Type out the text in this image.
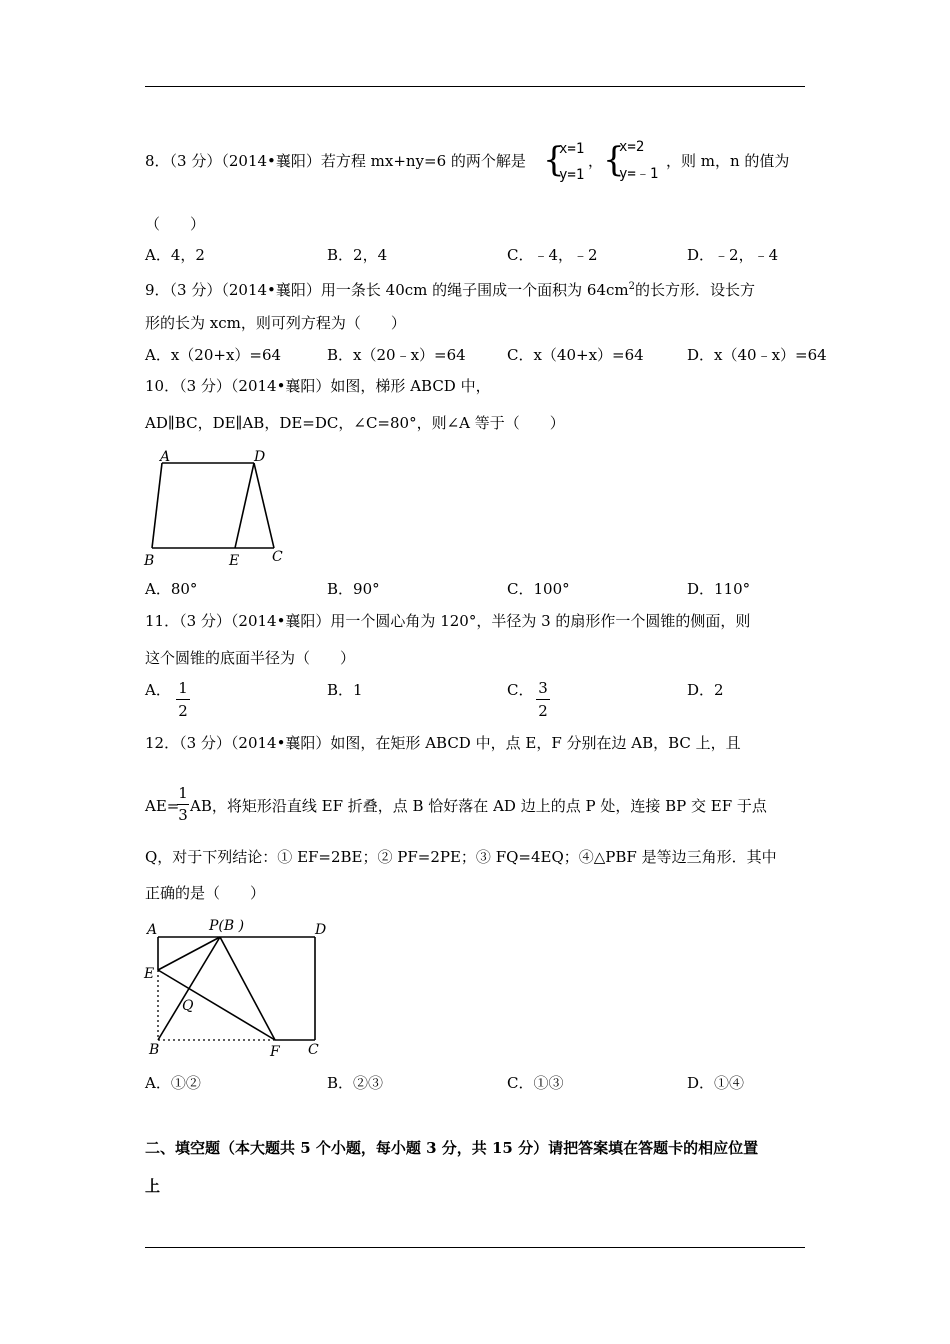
8．（3 分）（2014•襄阳）若方程 mx+ny=6 的两个解是 {
x=1
y=1
， {
x=2
y=﹣1
，则 m，n 的值为
（　　）
A．4，2	B．2，4	C．﹣4，﹣2	D．﹣2，﹣4
9．（3 分）（2014•襄阳）用一条长 40cm 的绳子围成一个面积为 $64cm^2$的长方形．设长方
形的长为 xcm，则可列方程为（　　）
A．x（20+x）=64	B．x（20﹣x）=64	C．x（40+x）=64	D．x（40﹣x）=64
10．（3 分）（2014•襄阳）如图，梯形 ABCD 中，
AD∥BC，DE∥AB，DE=DC，∠C=80°，则∠A 等于（　　）
A	D
B	E C
A．80°	B．90°	C．100°	D．110°
11．（3 分）（2014•襄阳）用一个圆心角为 120°，半径为 3 的扇形作一个圆锥的侧面，则
这个圆锥的底面半径为（　　）
A． 1
2
B．1	C． 3
2
D．2
12．（3 分）（2014•襄阳）如图，在矩形 ABCD 中，点 E，F 分别在边 AB，BC 上，且
AE=
1
3 AB，将矩形沿直线 EF 折叠，点 B 恰好落在 AD 边上的点 P 处，连接 BP 交 EF 于点
Q，对于下列结论：① EF=2BE；② PF=2PE；③ FQ=4EQ；④△PBF 是等边三角形．其中
正确的是（　　）
A	P(B )	D
E
Q
B	F C
A．①②	B．②③	C．①③	D．①④
二、填空题（本大题共 5 个小题，每小题 3 分，共 15 分）请把答案填在答题卡的相应位置
上
